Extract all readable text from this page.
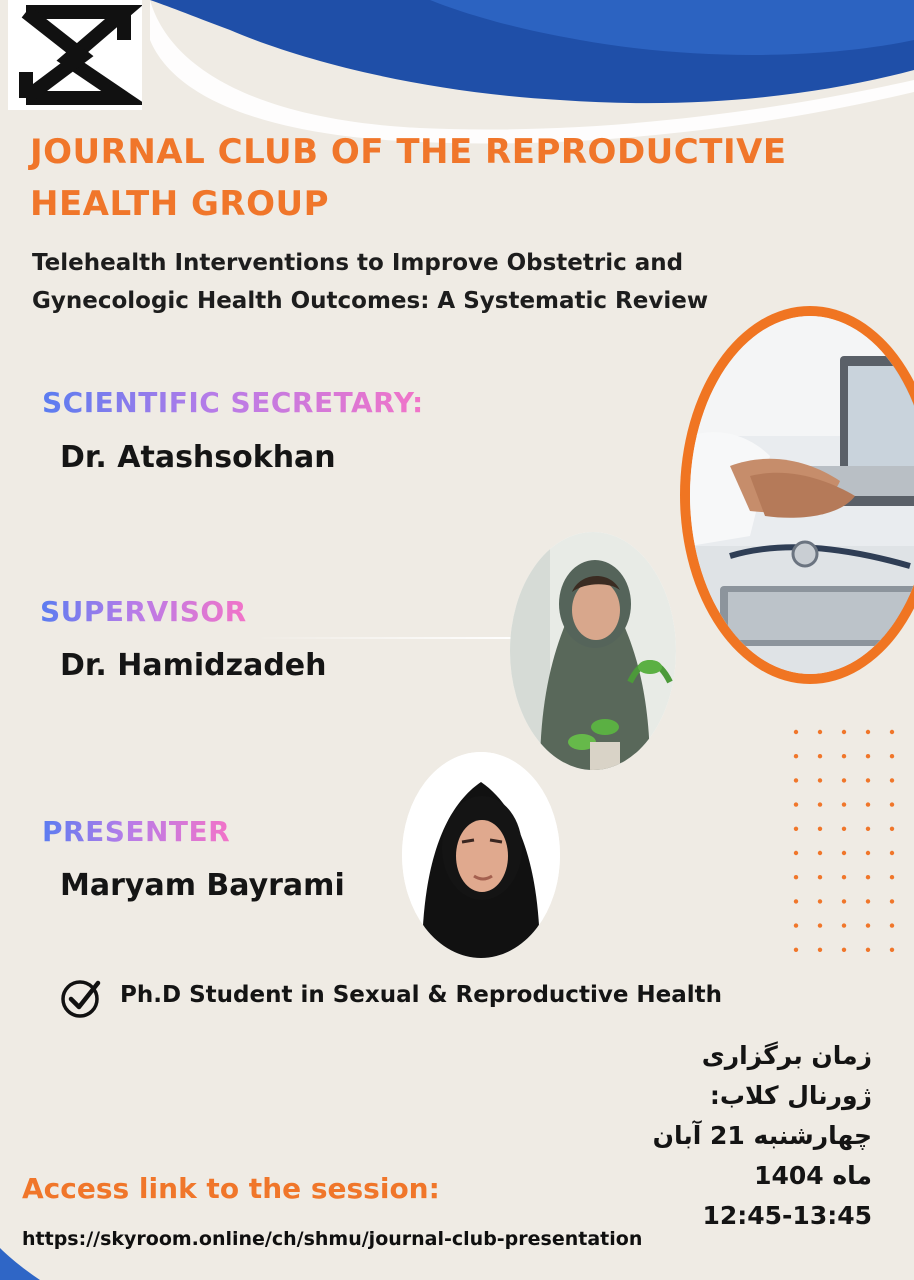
JOURNAL CLUB OF THE REPRODUCTIVE
HEALTH GROUP
Telehealth Interventions to Improve Obstetric and
Gynecologic Health Outcomes: A Systematic Review
SCIENTIFIC SECRETARY:
Dr. Atashsokhan
SUPERVISOR
Dr. Hamidzadeh
PRESENTER
Maryam Bayrami
Ph.D Student in Sexual & Reproductive Health
زمان برگزاری
ژورنال کلاب:
چهارشنبه 21 آبان
ماه 1404
12:45-13:45
Access link to the session:
https://skyroom.online/ch/shmu/journal-club-presentation
